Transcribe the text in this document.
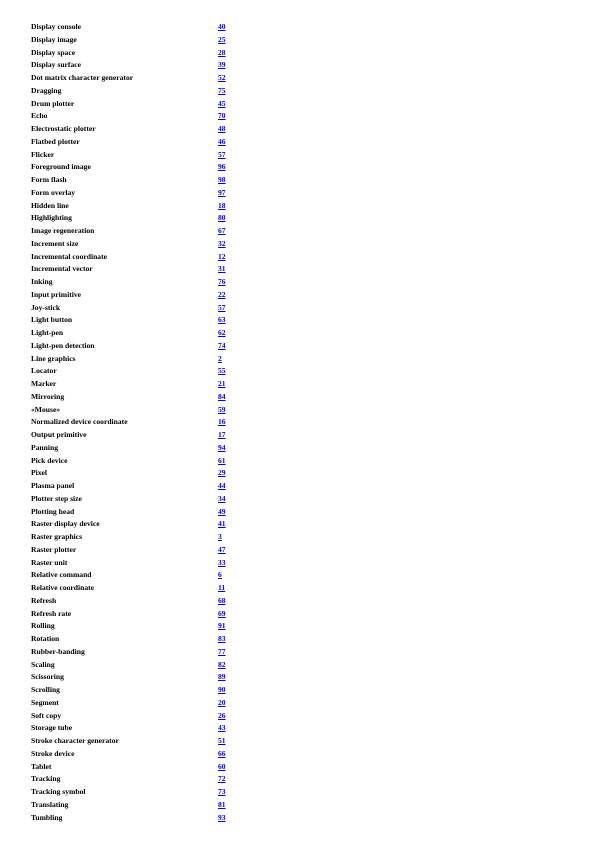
Display console	40
Display image	25
Display space	28
Display surface	39
Dot matrix character generator	52
Dragging	75
Drum plotter	45
Echo	70
Electrostatic plotter	48
Flatbed plotter	46
Flicker	57
Foreground image	96
Form flash	98
Form overlay	97
Hidden line	18
Highlighting	80
Image regeneration	67
Increment size	32
Incremental coordinate	12
Incremental vector	31
Inking	76
Input primitive	22
Joy-stick	57
Light button	63
Light-pen	62
Light-pen detection	74
Line graphics	2
Locator	55
Marker	21
Mirroring	84
«Mouse»	59
Normalized device coordinate	16
Output primitive	17
Panning	94
Pick device	61
Pixel	29
Plasma panel	44
Plotter step size	34
Plotting head	49
Raster display device	41
Raster graphics	3
Raster plotter	47
Raster unit	33
Relative command	6
Relative coordinate	11
Refresh	68
Refresh rate	69
Rolling	91
Rotation	83
Rubber-banding	77
Scaling	82
Scissoring	89
Scrolling	90
Segment	20
Soft copy	26
Storage tube	43
Stroke character generator	51
Stroke device	66
Tablet	60
Tracking	72
Tracking symbol	73
Translating	81
Tumbling	93
